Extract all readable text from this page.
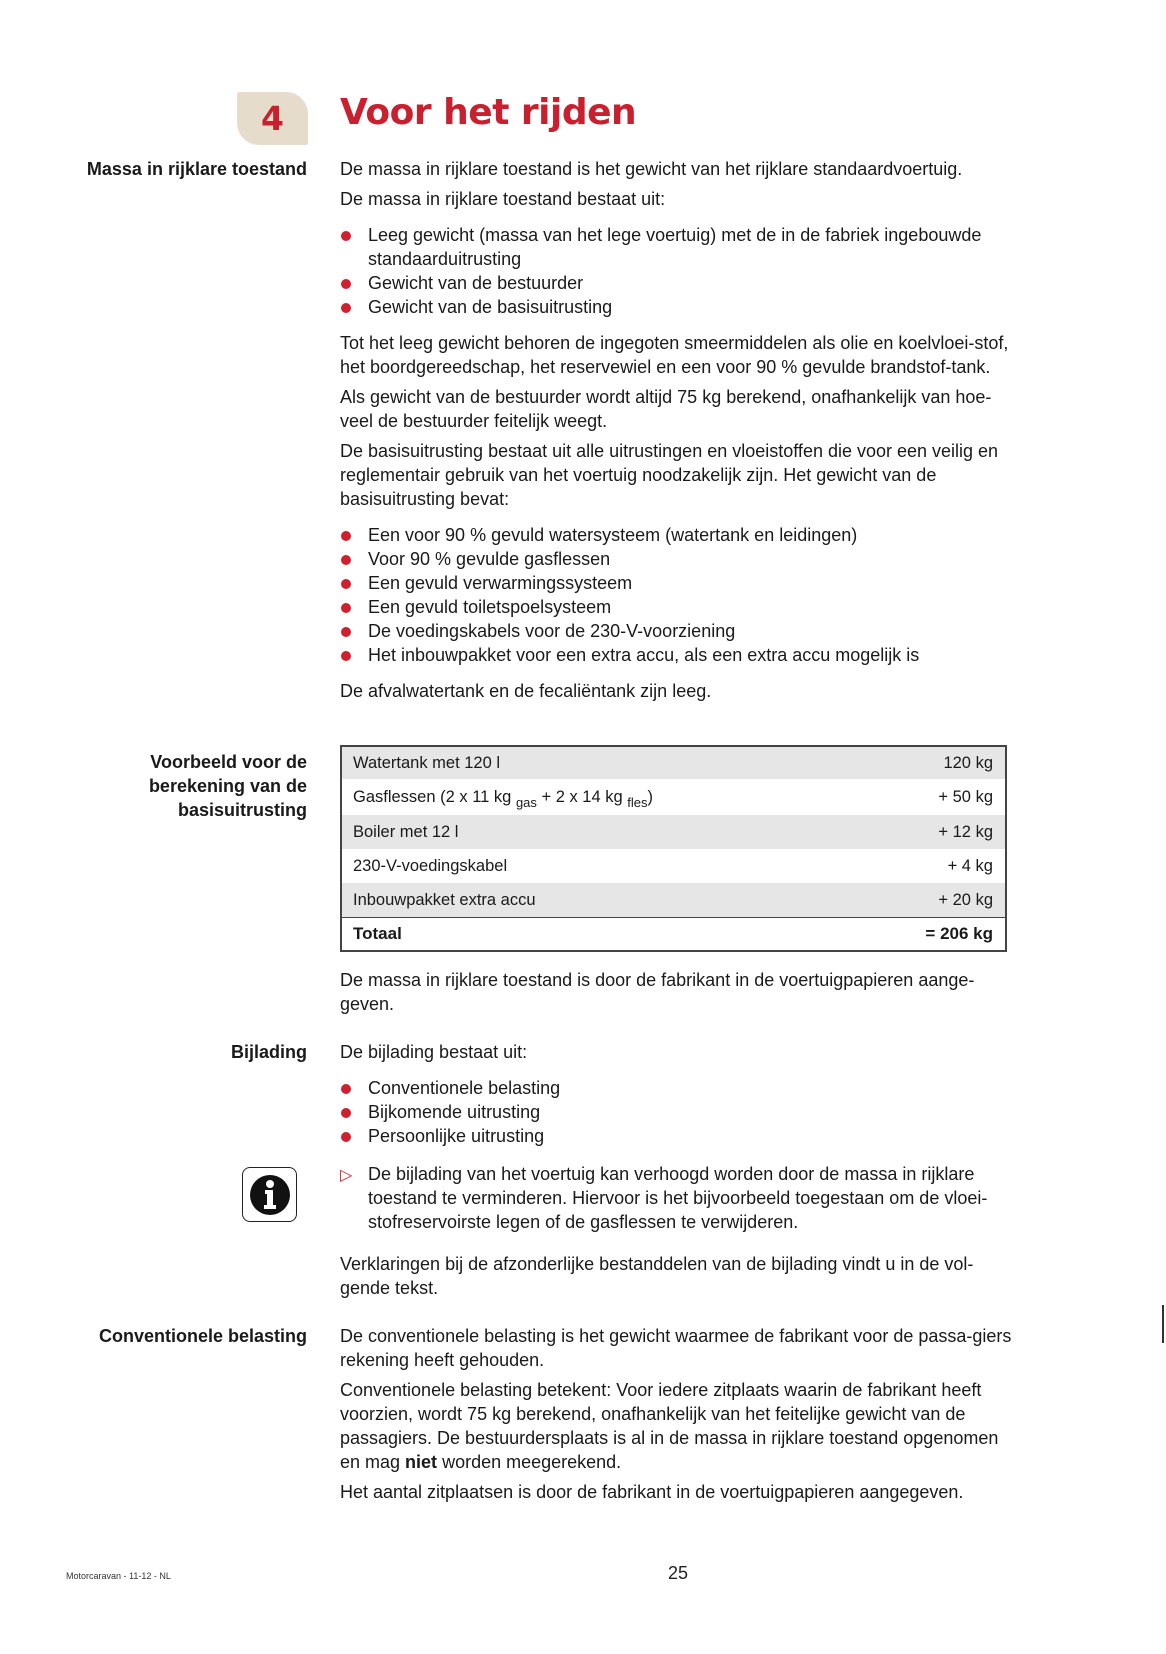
4 Voor het rijden
Massa in rijklare toestand De massa in rijklare toestand is het gewicht van het rijklare standaardvoertuig.

De massa in rijklare toestand bestaat uit:

Leeg gewicht (massa van het lege voertuig) met de in de fabriek ingebouwde standaarduitrusting
Gewicht van de bestuurder
Gewicht van de basisuitrusting

Tot het leeg gewicht behoren de ingegoten smeermiddelen als olie en koelvloei-stof, het boordgereedschap, het reservewiel en een voor 90 % gevulde brandstof-tank.

Als gewicht van de bestuurder wordt altijd 75 kg berekend, onafhankelijk van hoe-veel de bestuurder feitelijk weegt.

De basisuitrusting bestaat uit alle uitrustingen en vloeistoffen die voor een veilig en reglementair gebruik van het voertuig noodzakelijk zijn. Het gewicht van de basisuitrusting bevat:

Een voor 90 % gevuld watersysteem (watertank en leidingen)
Voor 90 % gevulde gasflessen
Een gevuld verwarmingssysteem
Een gevuld toiletspoelsysteem
De voedingskabels voor de 230-V-voorziening
Het inbouwpakket voor een extra accu, als een extra accu mogelijk is

De afvalwatertank en de fecaliëntank zijn leeg.

Voorbeeld voor de
berekening van de
basisuitrusting
Watertank met 120 l	120 kg
Gasflessen (2 x 11 kg $_{gas}$ + 2 x 14 kg $_{fles}$)	+ 50 kg
Boiler met 12 l	+ 12 kg
230-V-voedingskabel	+ 4 kg
Inbouwpakket extra accu	+ 20 kg
Totaal	= 206 kg
De massa in rijklare toestand is door de fabrikant in de voertuigpapieren aange-geven.
Bijlading De bijlading bestaat uit:

Conventionele belasting
Bijkomende uitrusting
Persoonlijke uitrusting
▷ De bijlading van het voertuig kan verhoogd worden door de massa in rijklare toestand te verminderen. Hiervoor is het bijvoorbeeld toegestaan om de vloei-stofreservoirste legen of de gasflessen te verwijderen.
Verklaringen bij de afzonderlijke bestanddelen van de bijlading vindt u in de vol-gende tekst.
Conventionele belasting De conventionele belasting is het gewicht waarmee de fabrikant voor de passa-giers rekening heeft gehouden.

Conventionele belasting betekent: Voor iedere zitplaats waarin de fabrikant heeft voorzien, wordt 75 kg berekend, onafhankelijk van het feitelijke gewicht van de passagiers. De bestuurdersplaats is al in de massa in rijklare toestand opgenomen en mag niet worden meegerekend.

Het aantal zitplaatsen is door de fabrikant in de voertuigpapieren aangegeven.

Motorcaravan - 11-12 - NL	25
